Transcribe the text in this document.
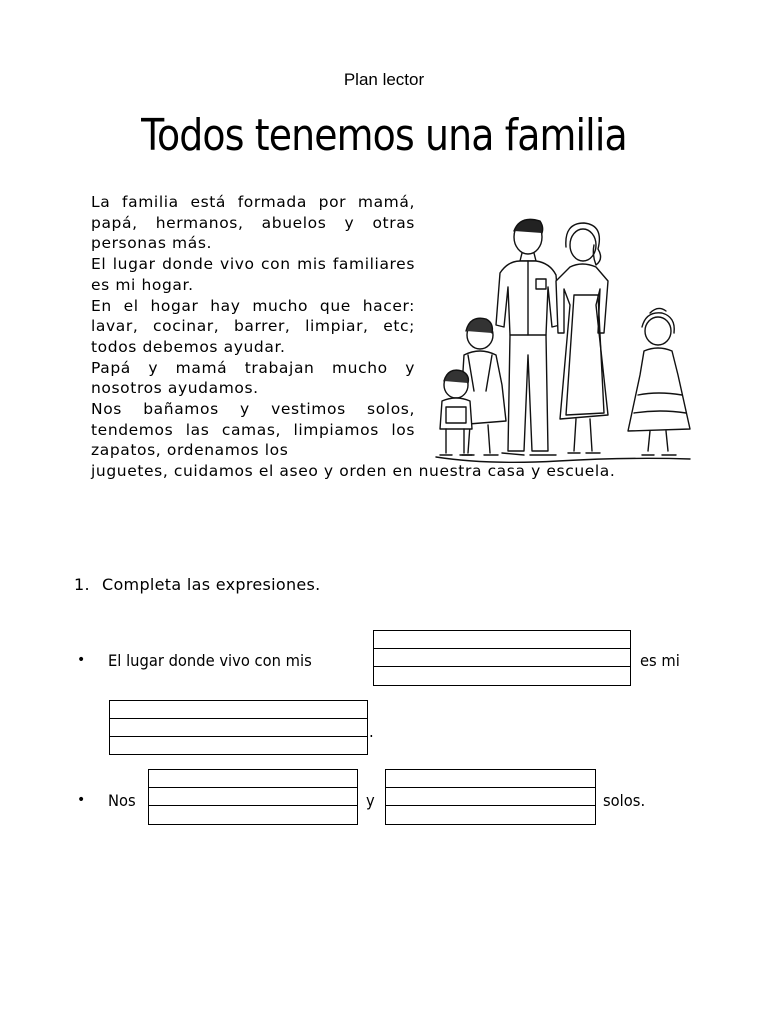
Plan lector
Todos tenemos una familia

La familia está formada por mamá, papá, hermanos, abuelos y otras personas más.

El lugar donde vivo con mis familiares es mi hogar.

En el hogar hay mucho que hacer: lavar, cocinar, barrer, limpiar, etc; todos debemos ayudar.

Papá y mamá trabajan mucho y nosotros ayudamos.

Nos bañamos y vestimos solos, tendemos las camas, limpiamos los zapatos, ordenamos los

juguetes, cuidamos el aseo y orden en nuestra casa y escuela.

1. Completa las expresiones.
• El lugar donde vivo con mis	es mi
.
• Nos	y	solos.
